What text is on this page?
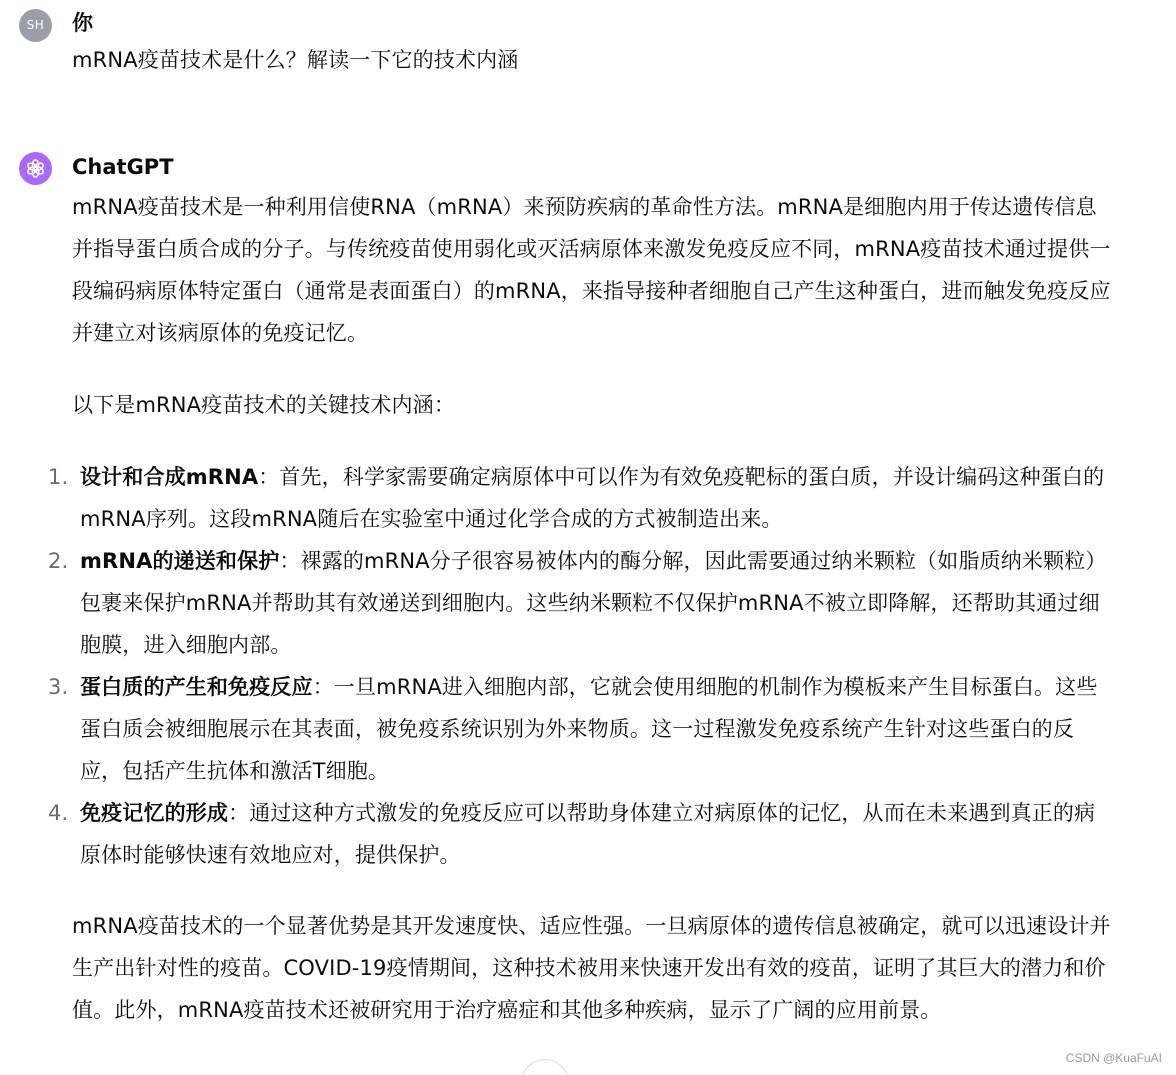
SH	你
mRNA疫苗技术是什么？解读一下它的技术内涵
ChatGPT
mRNA疫苗技术是一种利用信使RNA（mRNA）来预防疾病的革命性方法。mRNA是细胞内用于传达遗传信息并指导蛋白质合成的分子。与传统疫苗使用弱化或灭活病原体来激发免疫反应不同，mRNA疫苗技术通过提供一段编码病原体特定蛋白（通常是表面蛋白）的mRNA，来指导接种者细胞自己产生这种蛋白，进而触发免疫反应并建立对该病原体的免疫记忆。
以下是mRNA疫苗技术的关键技术内涵：
1. 设计和合成mRNA：首先，科学家需要确定病原体中可以作为有效免疫靶标的蛋白质，并设计编码这种蛋白的mRNA序列。这段mRNA随后在实验室中通过化学合成的方式被制造出来。
2. mRNA的递送和保护：裸露的mRNA分子很容易被体内的酶分解，因此需要通过纳米颗粒（如脂质纳米颗粒）包裹来保护mRNA并帮助其有效递送到细胞内。这些纳米颗粒不仅保护mRNA不被立即降解，还帮助其通过细胞膜，进入细胞内部。
3. 蛋白质的产生和免疫反应：一旦mRNA进入细胞内部，它就会使用细胞的机制作为模板来产生目标蛋白。这些蛋白质会被细胞展示在其表面，被免疫系统识别为外来物质。这一过程激发免疫系统产生针对这些蛋白的反应，包括产生抗体和激活T细胞。
4. 免疫记忆的形成：通过这种方式激发的免疫反应可以帮助身体建立对病原体的记忆，从而在未来遇到真正的病原体时能够快速有效地应对，提供保护。
mRNA疫苗技术的一个显著优势是其开发速度快、适应性强。一旦病原体的遗传信息被确定，就可以迅速设计并生产出针对性的疫苗。COVID-19疫情期间，这种技术被用来快速开发出有效的疫苗，证明了其巨大的潜力和价值。此外，mRNA疫苗技术还被研究用于治疗癌症和其他多种疾病，显示了广阔的应用前景。
CSDN @KuaFuAI
